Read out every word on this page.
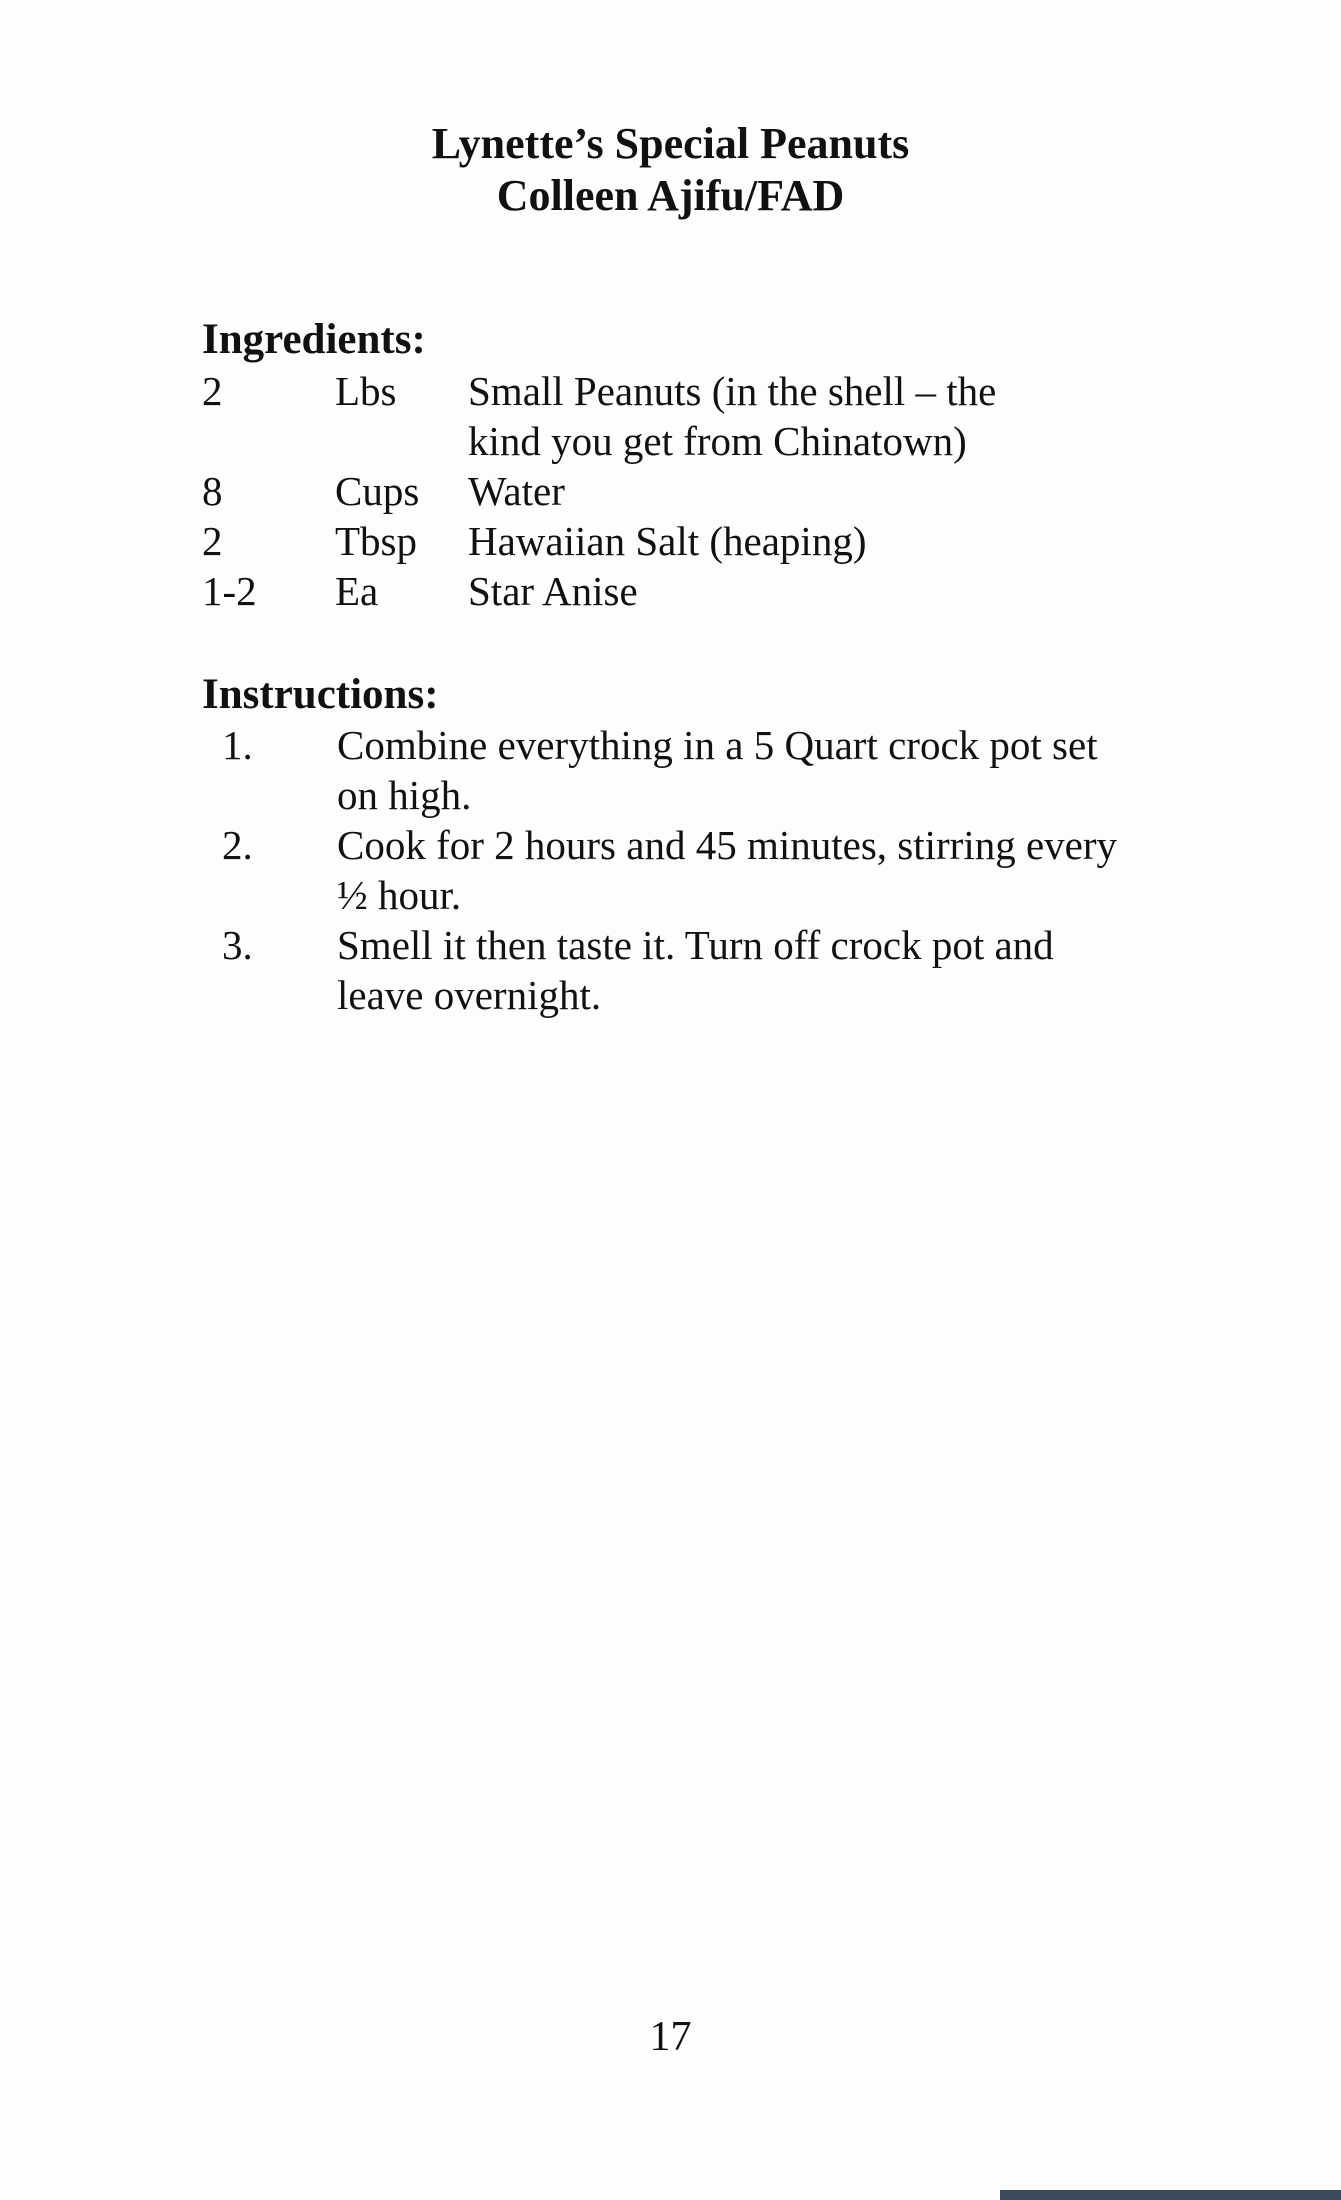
Lynette’s Special Peanuts
Colleen Ajifu/FAD
Ingredients:
2	Lbs	Small Peanuts (in the shell – the kind you get from Chinatown)
8	Cups	Water
2	Tbsp	Hawaiian Salt (heaping)
1-2	Ea	Star Anise
Instructions:
1.	Combine everything in a 5 Quart crock pot set on high.
2.	Cook for 2 hours and 45 minutes, stirring every ½ hour.
3.	Smell it then taste it. Turn off crock pot and leave overnight.
17
